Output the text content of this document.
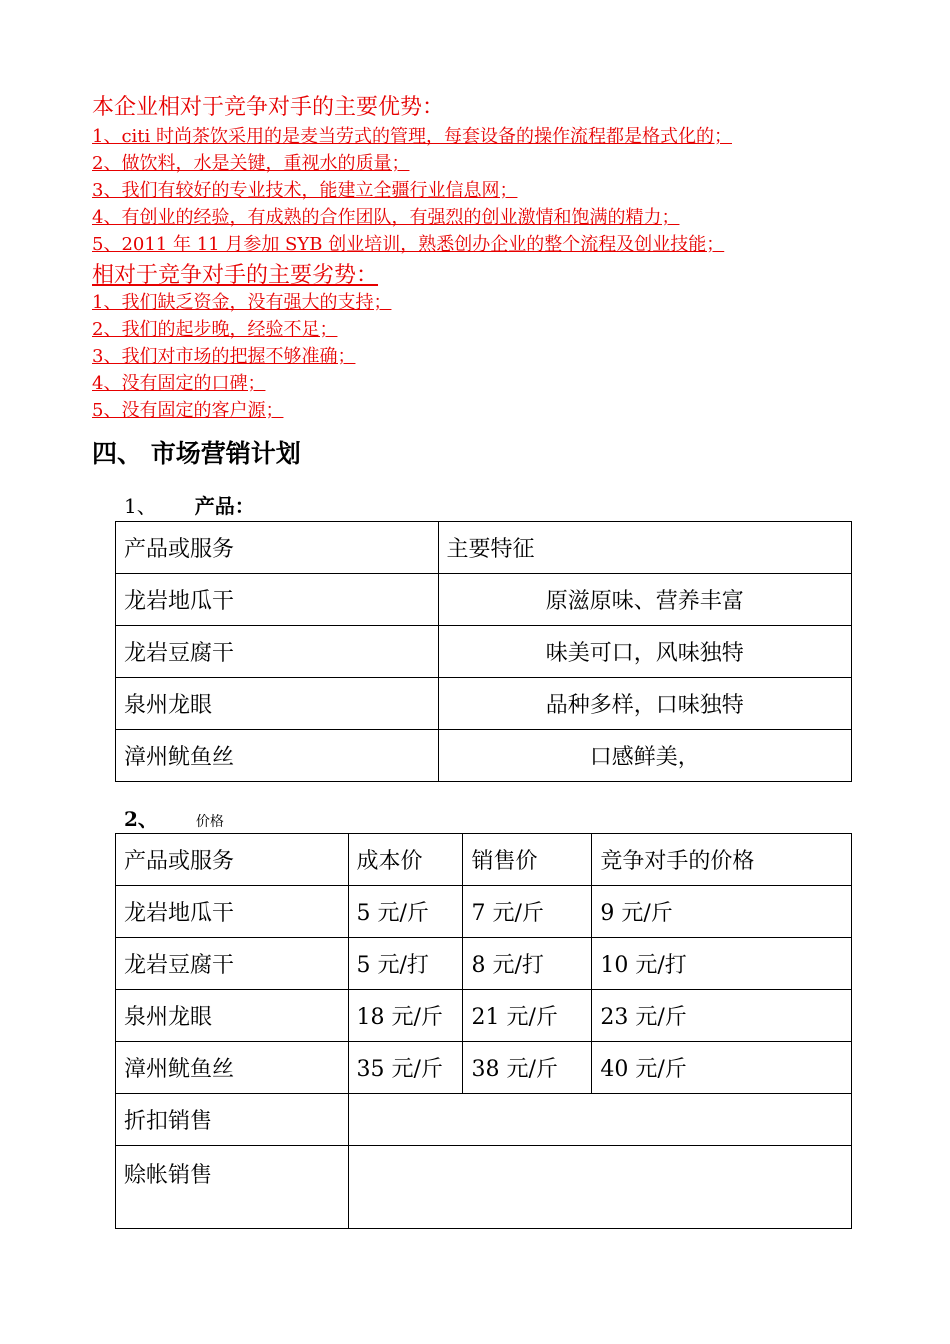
本企业相对于竞争对手的主要优势：
1、citi 时尚茶饮采用的是麦当劳式的管理，每套设备的操作流程都是格式化的；
2、做饮料，水是关键，重视水的质量；
3、我们有较好的专业技术，能建立全疆行业信息网；
4、有创业的经验，有成熟的合作团队，有强烈的创业激情和饱满的精力；
5、2011 年 11 月参加 SYB 创业培训，熟悉创办企业的整个流程及创业技能；
相对于竞争对手的主要劣势：
1、我们缺乏资金，没有强大的支持；
2、我们的起步晚，经验不足；
3、我们对市场的把握不够准确；
4、没有固定的口碑；
5、没有固定的客户源；
四、 市场营销计划
1、 产品：
产品或服务	主要特征
龙岩地瓜干	原滋原味、营养丰富
龙岩豆腐干	味美可口，风味独特
泉州龙眼	品种多样，口味独特
漳州鱿鱼丝	口感鲜美，
2、	价格
产品或服务	成本价	销售价	竞争对手的价格
龙岩地瓜干	5 元/斤	7 元/斤	9 元/斤
龙岩豆腐干	5 元/打	8 元/打	10 元/打
泉州龙眼	18 元/斤	21 元/斤	23 元/斤
漳州鱿鱼丝	35 元/斤	38 元/斤	40 元/斤
折扣销售			
赊帐销售			
